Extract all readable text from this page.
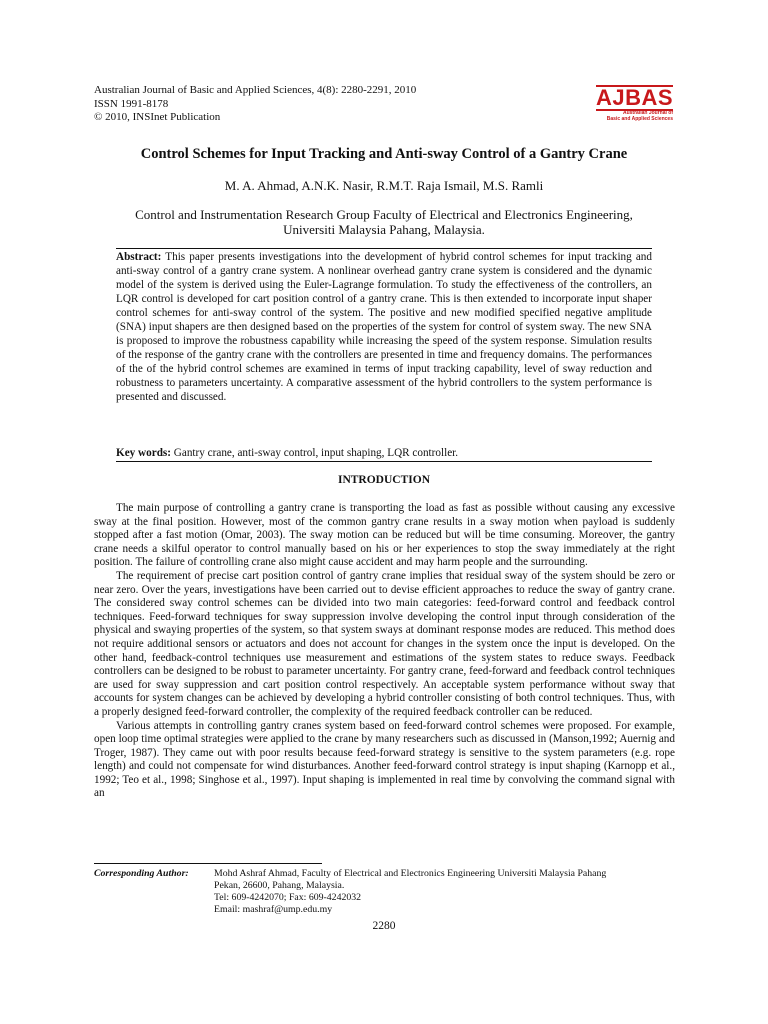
Australian Journal of Basic and Applied Sciences, 4(8): 2280-2291, 2010
ISSN 1991-8178
© 2010, INSInet Publication
AJBAS
Australian Journal of
Basic and Applied Sciences
Control Schemes for Input Tracking and Anti-sway Control of a Gantry Crane
M. A. Ahmad, A.N.K. Nasir, R.M.T. Raja Ismail, M.S. Ramli
Control and Instrumentation Research Group Faculty of Electrical and Electronics Engineering,
Universiti Malaysia Pahang, Malaysia.

Abstract: This paper presents investigations into the development of hybrid control schemes for input tracking and anti-sway control of a gantry crane system. A nonlinear overhead gantry crane system is considered and the dynamic model of the system is derived using the Euler-Lagrange formulation. To study the effectiveness of the controllers, an LQR control is developed for cart position control of a gantry crane. This is then extended to incorporate input shaper control schemes for anti-sway control of the system. The positive and new modified specified negative amplitude (SNA) input shapers are then designed based on the properties of the system for control of system sway. The new SNA is proposed to improve the robustness capability while increasing the speed of the system response. Simulation results of the response of the gantry crane with the controllers are presented in time and frequency domains. The performances of the of the hybrid control schemes are examined in terms of input tracking capability, level of sway reduction and robustness to parameters uncertainty. A comparative assessment of the hybrid controllers to the system performance is presented and discussed.

Key words: Gantry crane, anti-sway control, input shaping, LQR controller.
INTRODUCTION

The main purpose of controlling a gantry crane is transporting the load as fast as possible without causing any excessive sway at the final position. However, most of the common gantry crane results in a sway motion when payload is suddenly stopped after a fast motion (Omar, 2003). The sway motion can be reduced but will be time consuming. Moreover, the gantry crane needs a skilful operator to control manually based on his or her experiences to stop the sway immediately at the right position. The failure of controlling crane also might cause accident and may harm people and the surrounding.

The requirement of precise cart position control of gantry crane implies that residual sway of the system should be zero or near zero. Over the years, investigations have been carried out to devise efficient approaches to reduce the sway of gantry crane. The considered sway control schemes can be divided into two main categories: feed-forward control and feedback control techniques. Feed-forward techniques for sway suppression involve developing the control input through consideration of the physical and swaying properties of the system, so that system sways at dominant response modes are reduced. This method does not require additional sensors or actuators and does not account for changes in the system once the input is developed. On the other hand, feedback-control techniques use measurement and estimations of the system states to reduce sways. Feedback controllers can be designed to be robust to parameter uncertainty. For gantry crane, feed-forward and feedback control techniques are used for sway suppression and cart position control respectively. An acceptable system performance without sway that accounts for system changes can be achieved by developing a hybrid controller consisting of both control techniques. Thus, with a properly designed feed-forward controller, the complexity of the required feedback controller can be reduced.

Various attempts in controlling gantry cranes system based on feed-forward control schemes were proposed. For example, open loop time optimal strategies were applied to the crane by many researchers such as discussed in (Manson,1992; Auernig and Troger, 1987). They came out with poor results because feed-forward strategy is sensitive to the system parameters (e.g. rope length) and could not compensate for wind disturbances. Another feed-forward control strategy is input shaping (Karnopp et al., 1992; Teo et al., 1998; Singhose et al., 1997). Input shaping is implemented in real time by convolving the command signal with an

Corresponding Author:	Mohd Ashraf Ahmad, Faculty of Electrical and Electronics Engineering Universiti Malaysia Pahang
Pekan, 26600, Pahang, Malaysia.
Tel: 609-4242070; Fax: 609-4242032
Email: mashraf@ump.edu.my
2280
